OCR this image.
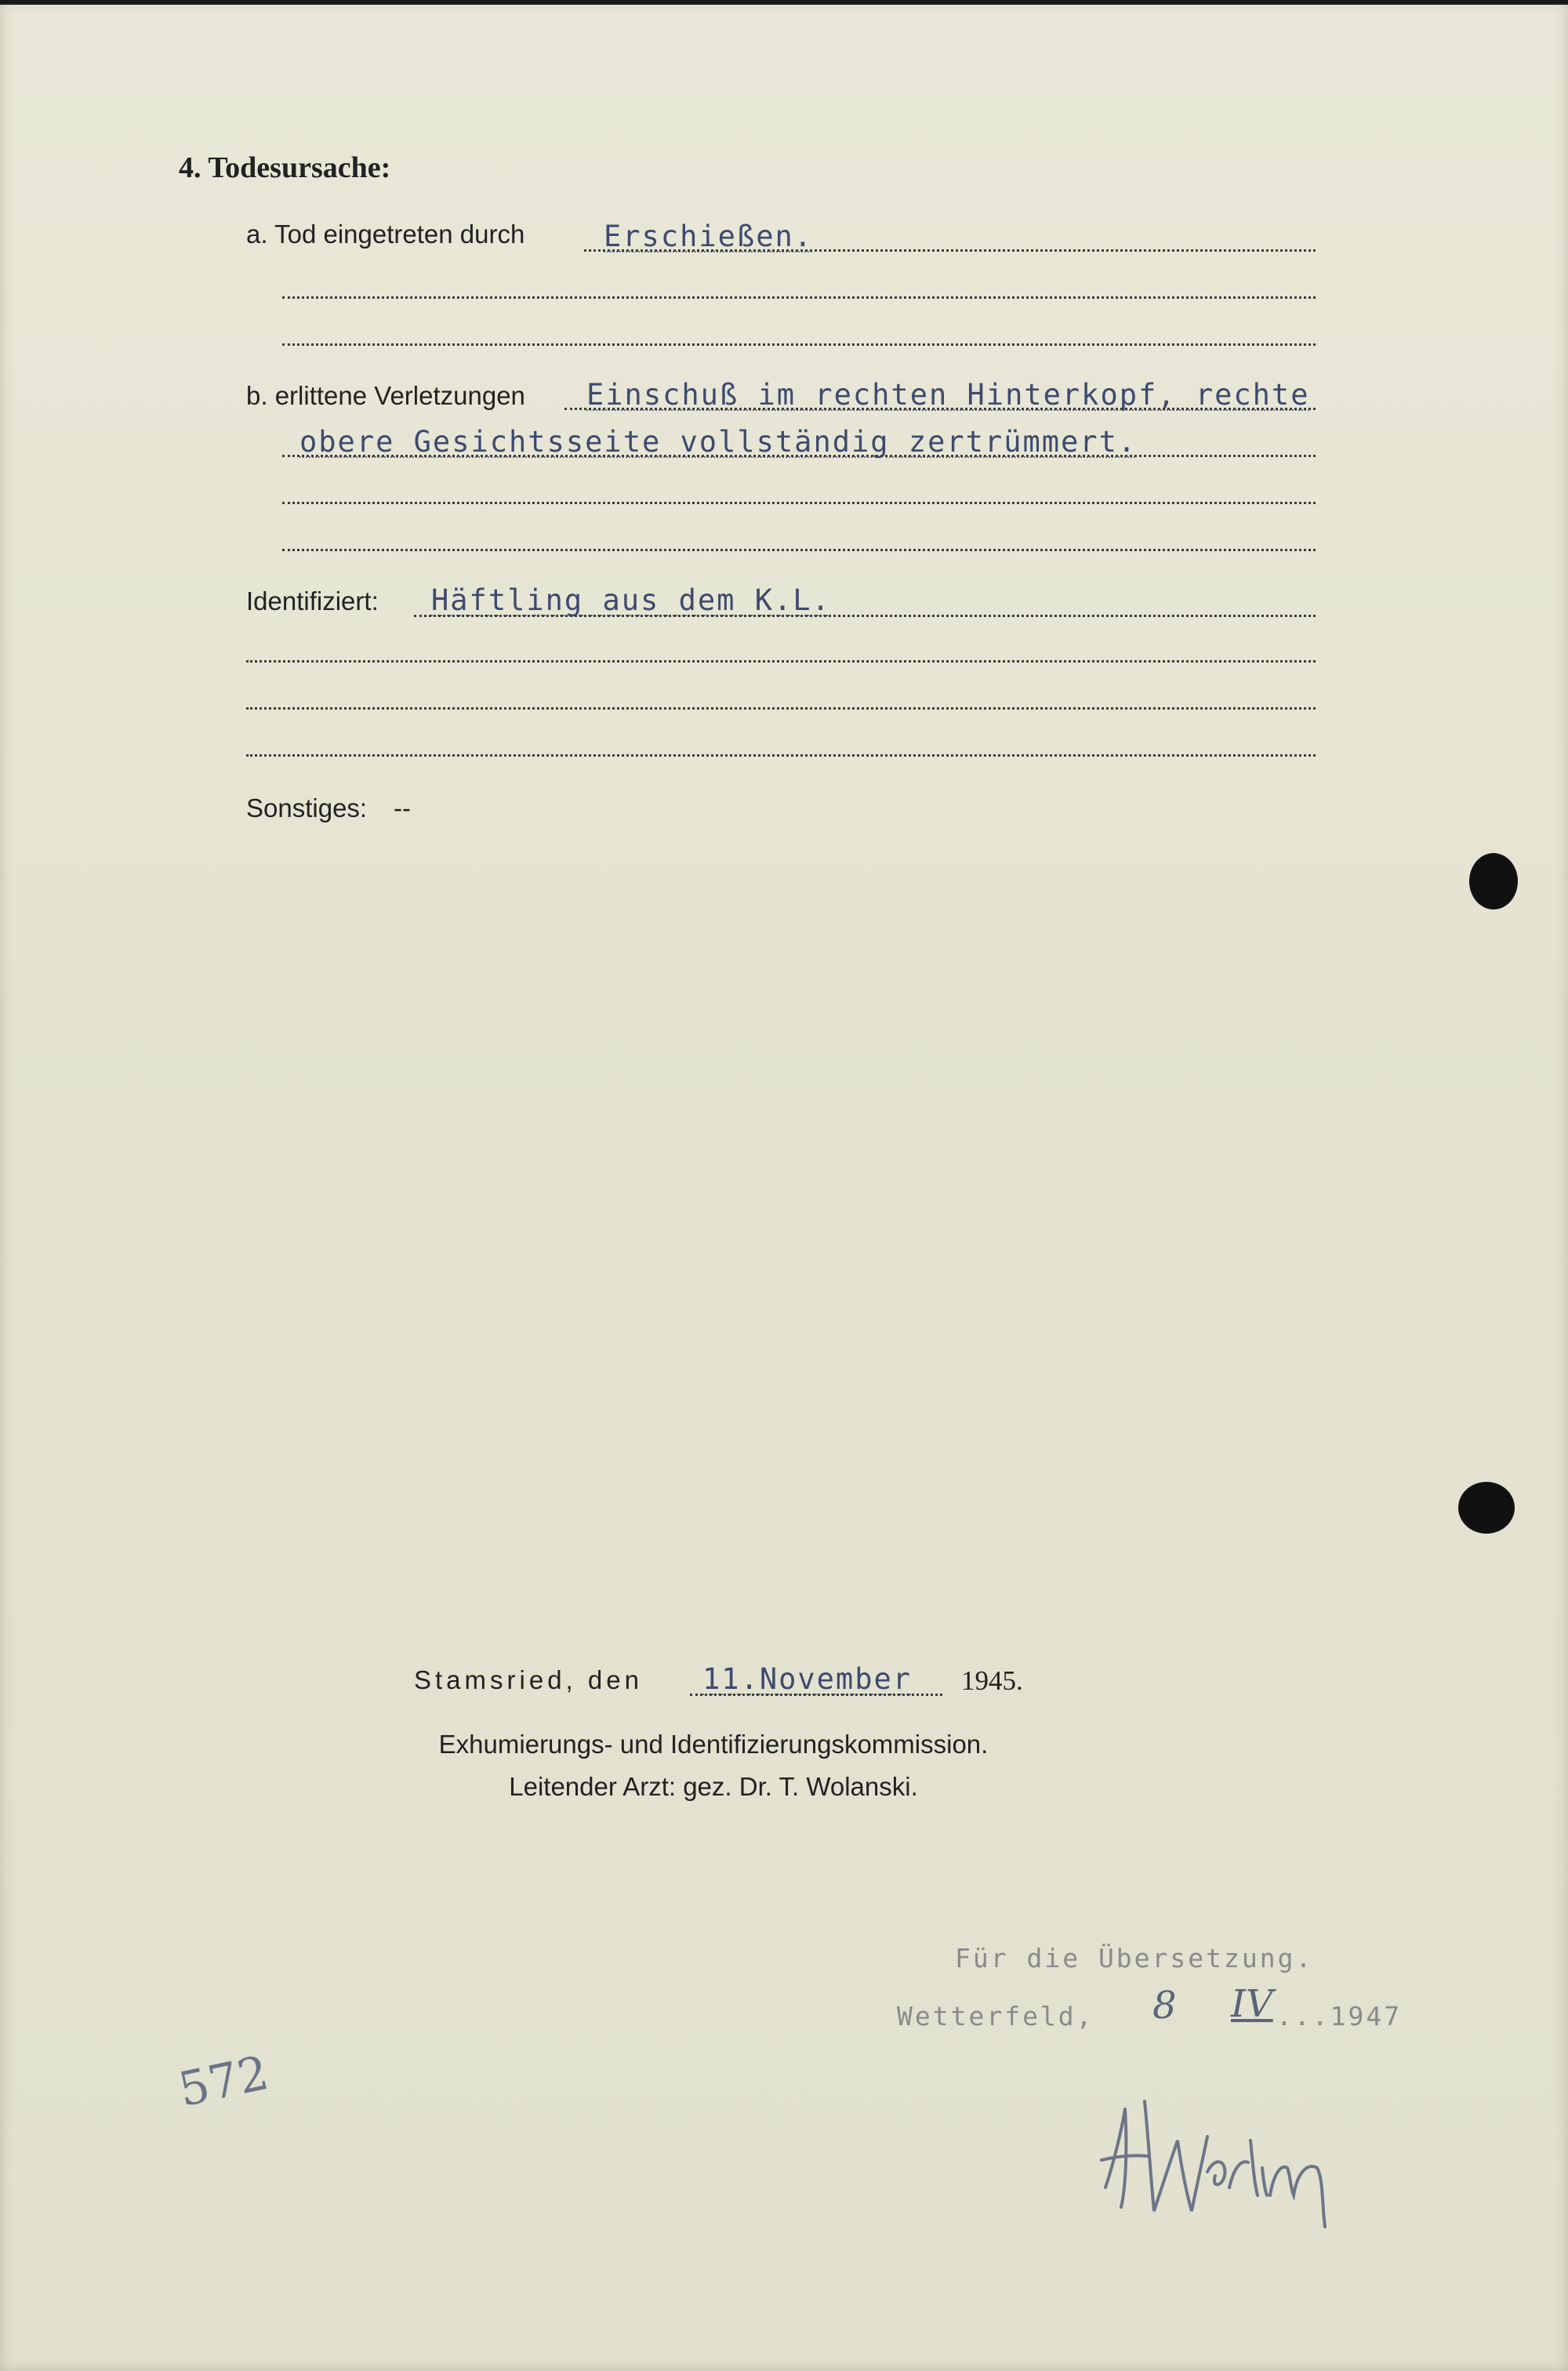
4. Todesursache:
a. Tod eingetreten durch	Erschießen.
b. erlittene Verletzungen Einschuß im rechten Hinterkopf, rechte
obere Gesichtsseite vollständig zertrümmert.
Identifiziert: Häftling aus dem K.L.
Sonstiges: --
Stamsried, den 11.November 1945.
Exhumierungs- und Identifizierungskommission.
Leitender Arzt: gez. Dr. T. Wolanski.
Für die Übersetzung.
Wetterfeld, 8 IV ...1947
572
